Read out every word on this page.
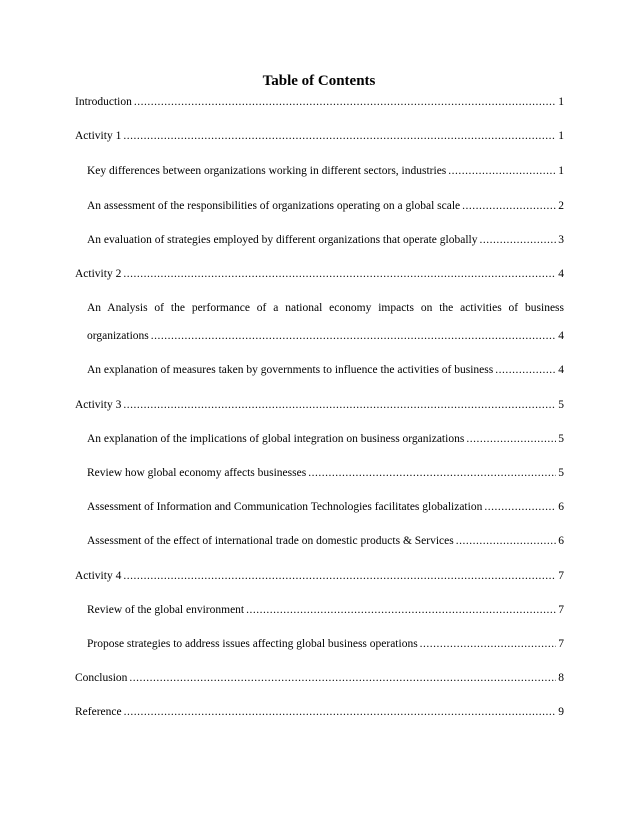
Table of Contents
Introduction .....	1
Activity 1 .....	1
Key differences between organizations working in different sectors, industries .....	1
An assessment of the responsibilities of organizations operating on a global scale .....	2
An evaluation of strategies employed by different organizations that operate globally .....	3
Activity 2 .....	4
An Analysis of the performance of a national economy impacts on the activities of business
organizations .....	4
An explanation of measures taken by governments to influence the activities of business .....	4
Activity 3 .....	5
An explanation of the implications of global integration on business organizations .....	5
Review how global economy affects businesses .....	5
Assessment of Information and Communication Technologies facilitates globalization .....	6
Assessment of the effect of international trade on domestic products & Services .....	6
Activity 4 .....	7
Review of the global environment .....	7
Propose strategies to address issues affecting global business operations .....	7
Conclusion .....	8
Reference .....	9
